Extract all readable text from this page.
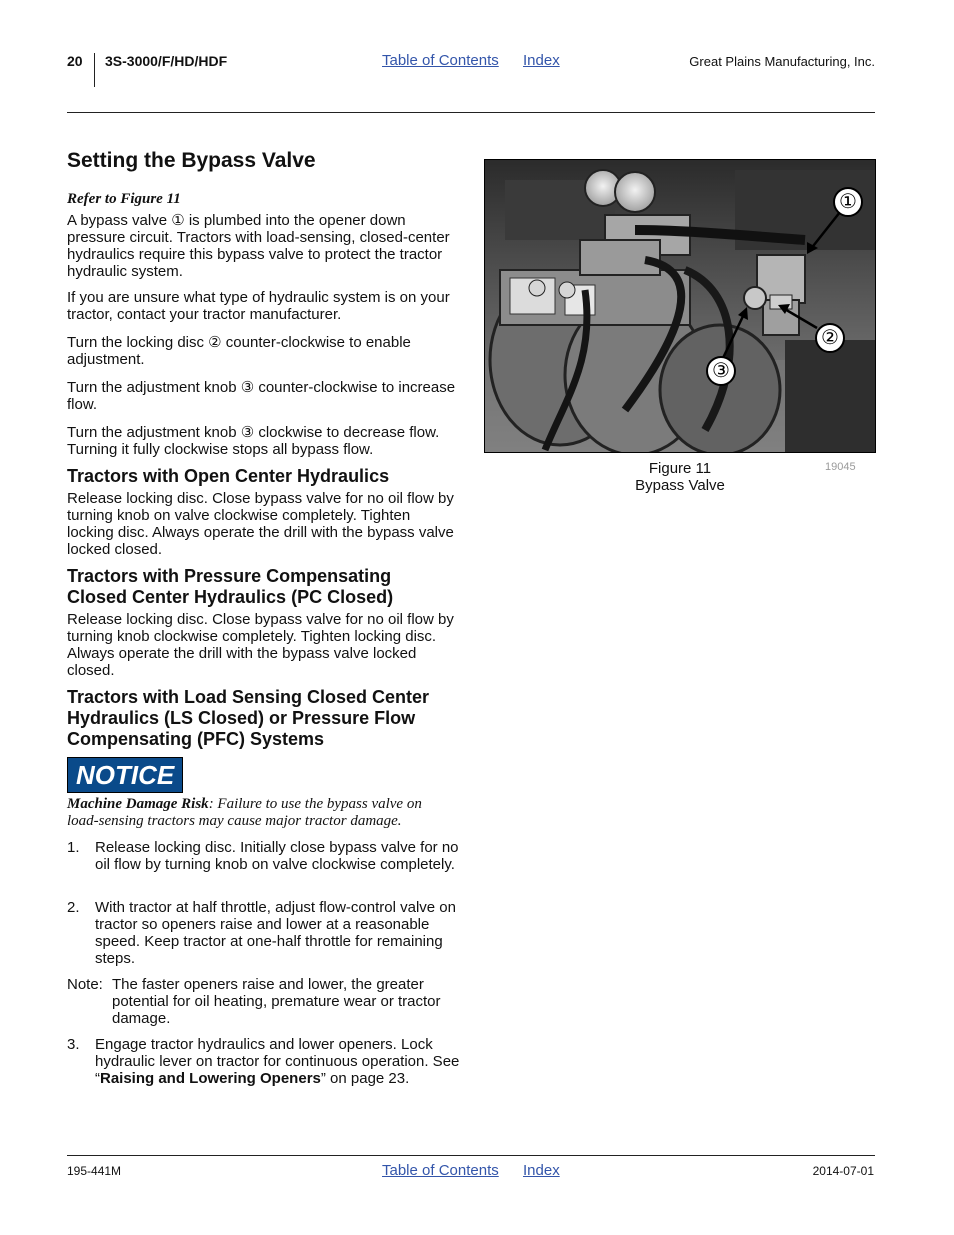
20 3S-3000/F/HD/HDF	Table of Contents Index	Great Plains Manufacturing, Inc.
Setting the Bypass Valve
Refer to Figure 11
A bypass valve ① is plumbed into the opener down pressure circuit. Tractors with load-sensing, closed-center hydraulics require this bypass valve to protect the tractor hydraulic system.
If you are unsure what type of hydraulic system is on your tractor, contact your tractor manufacturer.
Turn the locking disc ② counter-clockwise to enable adjustment.
Turn the adjustment knob ③ counter-clockwise to increase flow.
Turn the adjustment knob ③ clockwise to decrease flow. Turning it fully clockwise stops all bypass flow.
Tractors with Open Center Hydraulics
Release locking disc. Close bypass valve for no oil flow by turning knob on valve clockwise completely. Tighten locking disc. Always operate the drill with the bypass valve locked closed.
Tractors with Pressure Compensating Closed Center Hydraulics (PC Closed)
Release locking disc. Close bypass valve for no oil flow by turning knob clockwise completely. Tighten locking disc. Always operate the drill with the bypass valve locked closed.
Tractors with Load Sensing Closed Center Hydraulics (LS Closed) or Pressure Flow Compensating (PFC) Systems
NOTICE
Machine Damage Risk: Failure to use the bypass valve on load-sensing tractors may cause major tractor damage.
1. Release locking disc. Initially close bypass valve for no oil flow by turning knob on valve clockwise completely.
2. With tractor at half throttle, adjust flow-control valve on tractor so openers raise and lower at a reasonable speed. Keep tractor at one-half throttle for remaining steps.
Note: The faster openers raise and lower, the greater potential for oil heating, premature wear or tractor damage.
3. Engage tractor hydraulics and lower openers. Lock hydraulic lever on tractor for continuous operation. See “Raising and Lowering Openers” on page 23.
①
②
③
Figure 11
Bypass Valve
19045
195-441M	Table of Contents Index	2014-07-01
